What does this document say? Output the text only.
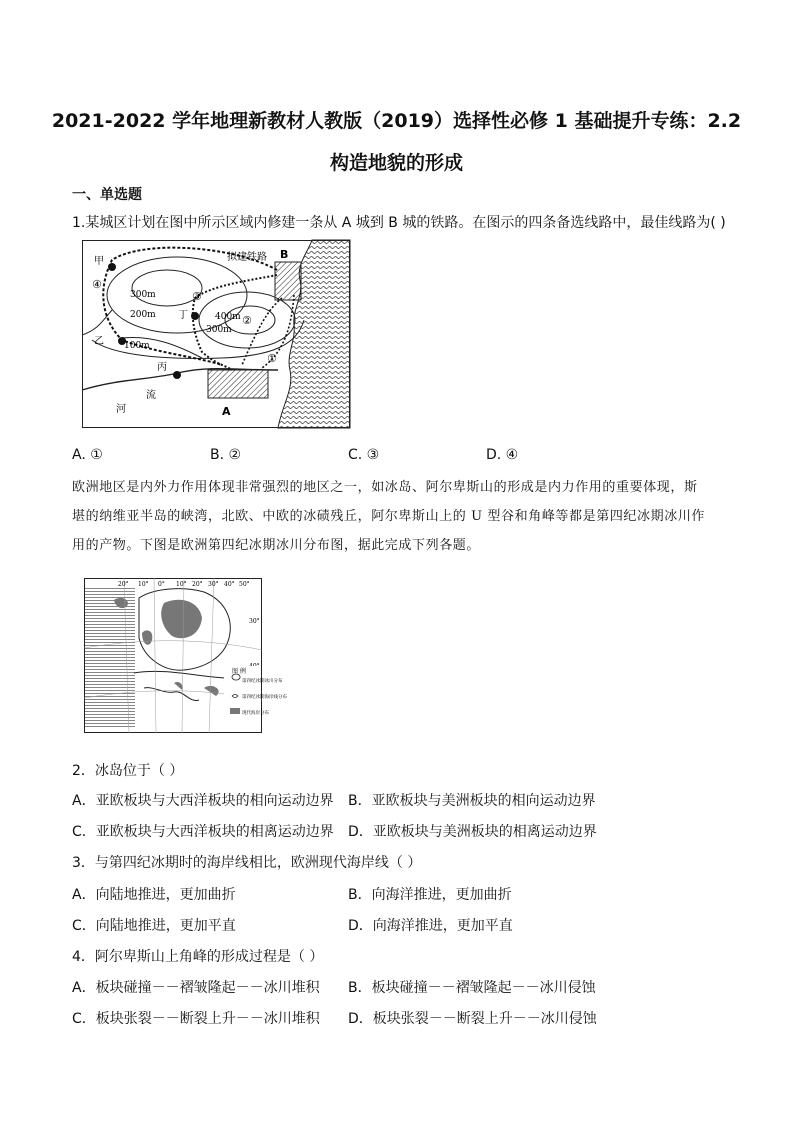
2021-2022 学年地理新教材人教版（2019）选择性必修 1 基础提升专练：2.2
构造地貌的形成
一、单选题
1.某城区计划在图中所示区域内修建一条从 A 城到 B 城的铁路。在图示的四条备选线路中，最佳线路为( )
拟建铁路 B
A
甲
④
乙
丙
丁
③
②
①
300m
200m	400m
300m
100m
河
流
A. ①	B. ②	C. ③	D. ④
欧洲地区是内外力作用体现非常强烈的地区之一，如冰岛、阿尔卑斯山的形成是内力作用的重要体现，斯
堪的纳维亚半岛的峡湾，北欧、中欧的冰碛残丘，阿尔卑斯山上的 U 型谷和角峰等都是第四纪冰期冰川作
用的产物。下图是欧洲第四纪冰期冰川分布图，据此完成下列各题。
20° 10° 0° 10° 20° 30° 40° 50°
30°
图 例
第四纪冰期冰川分布
第四纪冰期海岸线分布
现代海岸分布
2．冰岛位于（ ）
A．亚欧板块与大西洋板块的相向运动边界 B．亚欧板块与美洲板块的相向运动边界
C．亚欧板块与大西洋板块的相离运动边界 D．亚欧板块与美洲板块的相离运动边界
3．与第四纪冰期时的海岸线相比，欧洲现代海岸线（ ）
A．向陆地推进，更加曲折	B．向海洋推进，更加曲折
C．向陆地推进，更加平直	D．向海洋推进，更加平直
4．阿尔卑斯山上角峰的形成过程是（ ）
A．板块碰撞－－褶皱隆起－－冰川堆积 B．板块碰撞－－褶皱隆起－－冰川侵蚀
C．板块张裂－－断裂上升－－冰川堆积 D．板块张裂－－断裂上升－－冰川侵蚀
